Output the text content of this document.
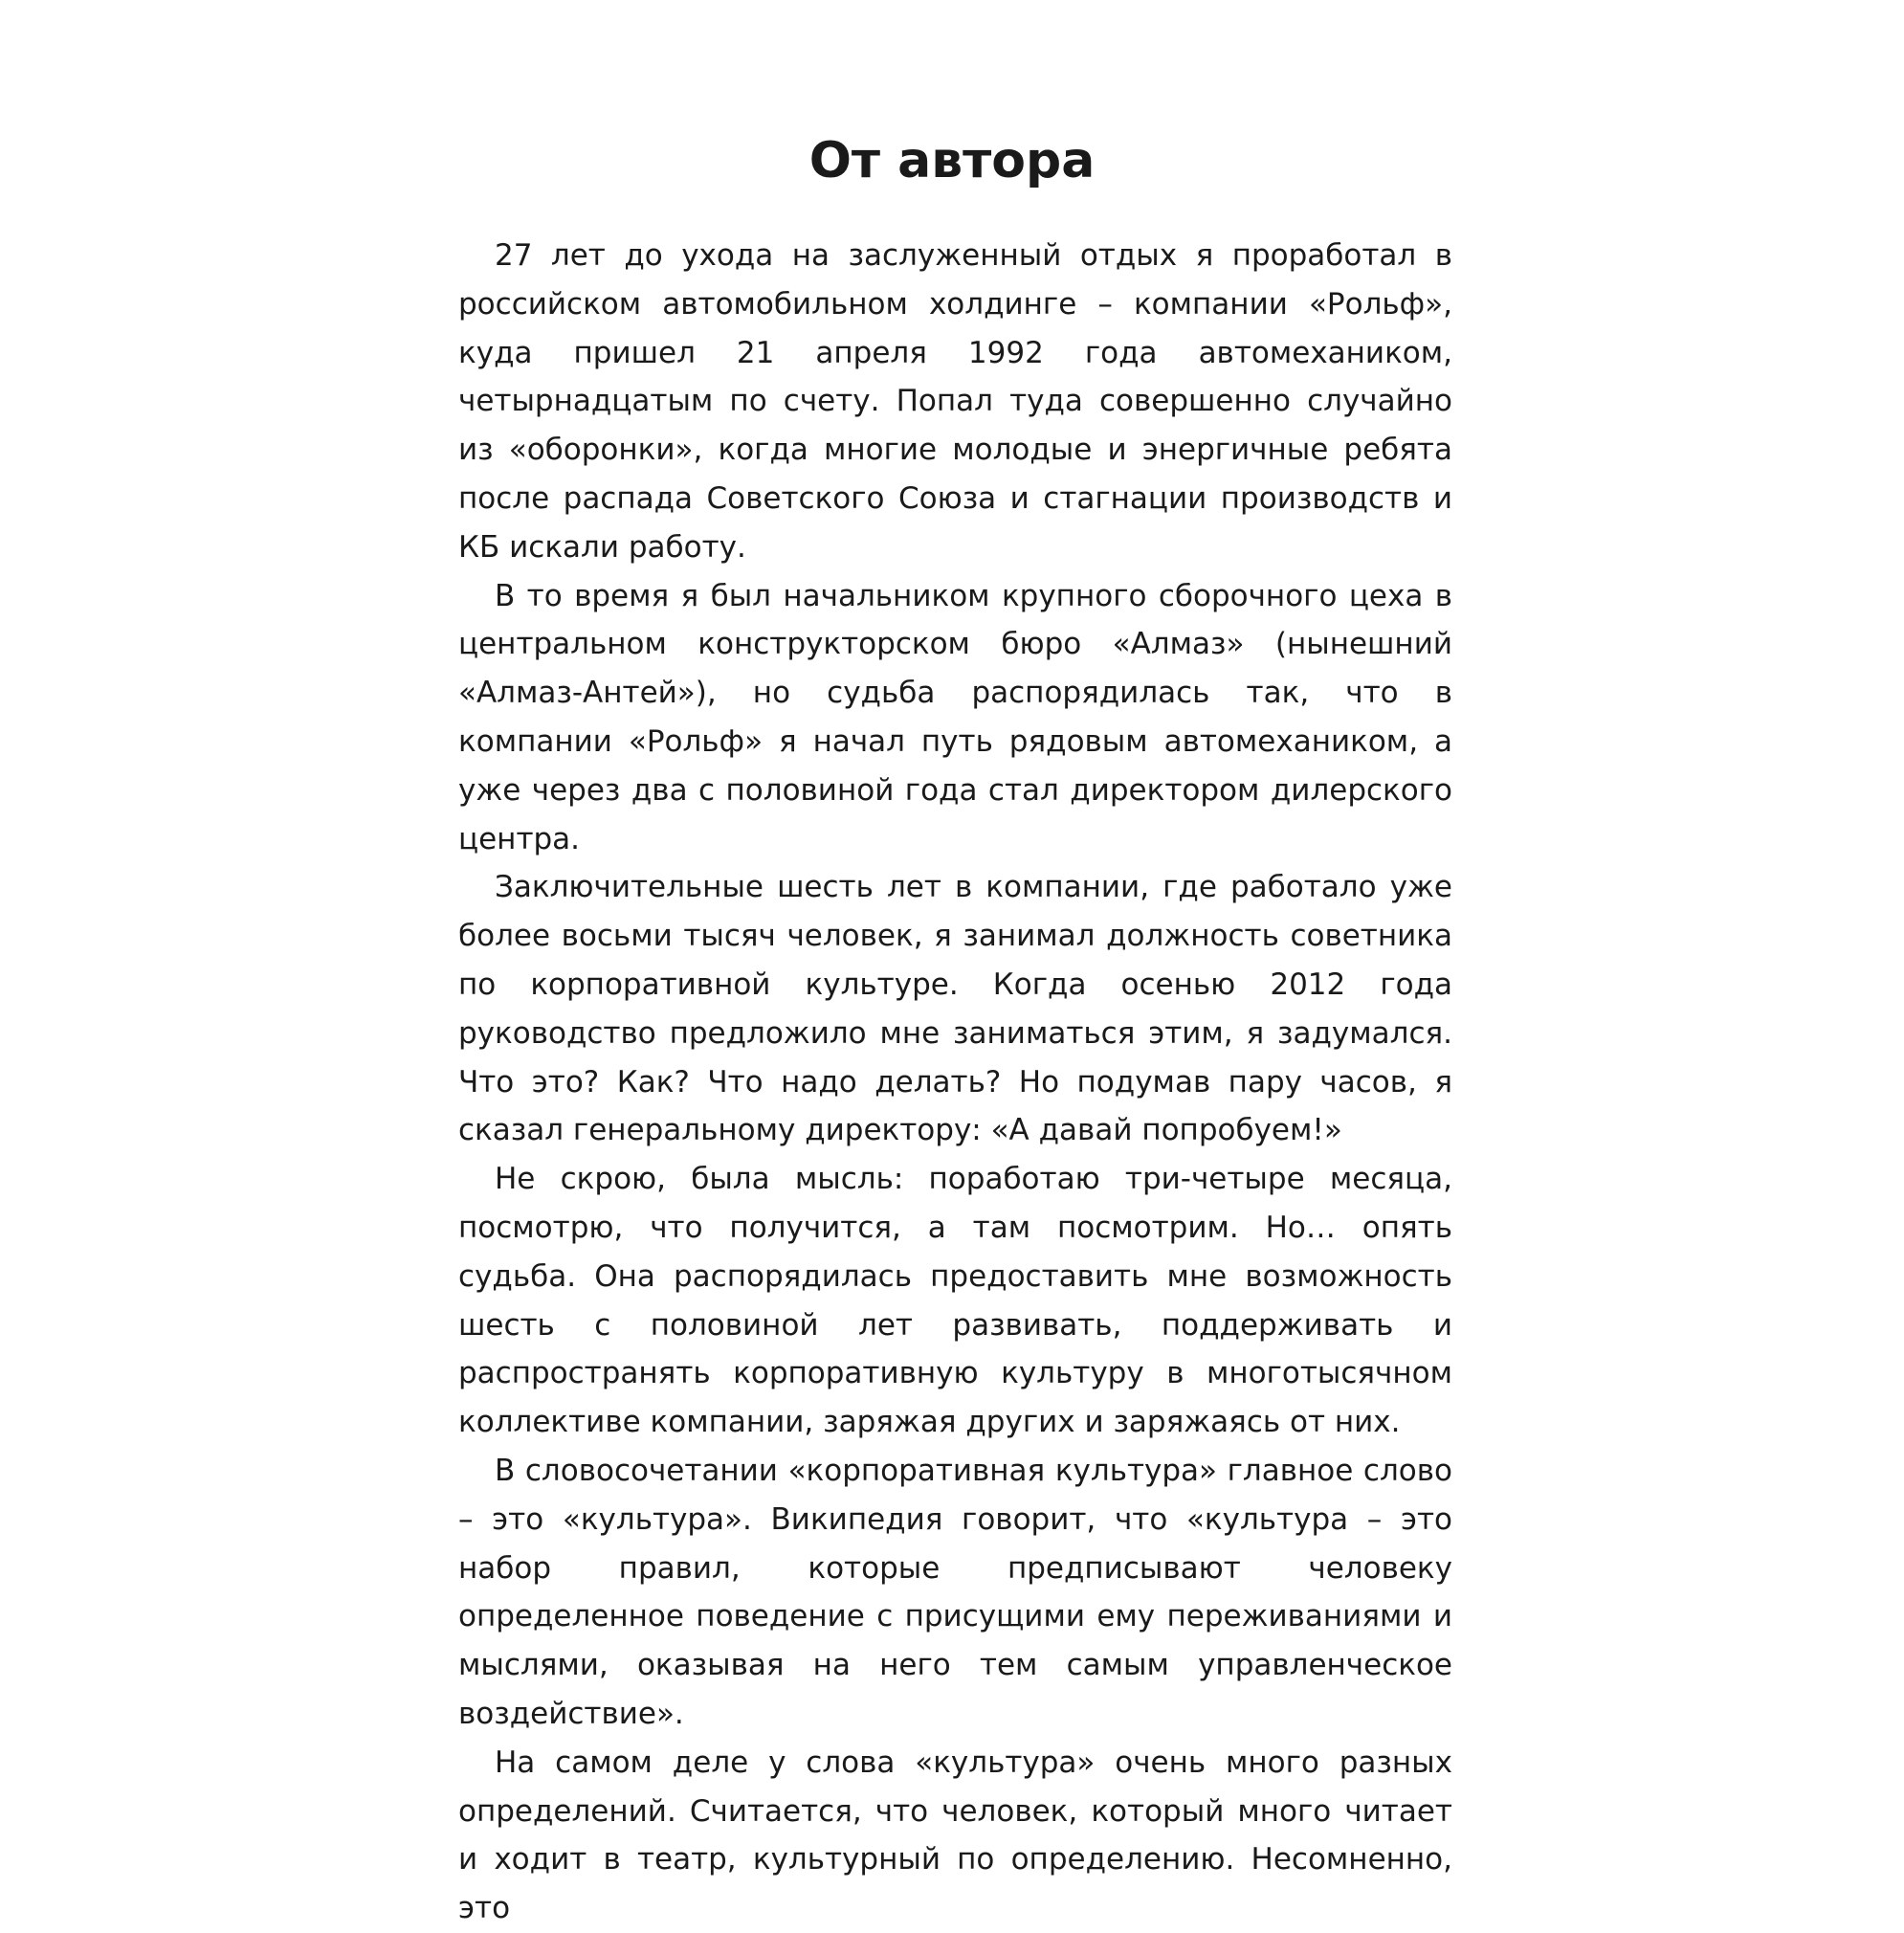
От автора

27 лет до ухода на заслуженный отдых я проработал в российском автомобильном холдинге – компании «Рольф», куда пришел 21 апреля 1992 года автомехаником, четырнадцатым по счету. Попал туда совершенно случайно из «оборонки», когда многие молодые и энергичные ребята после распада Советского Союза и стагнации производств и КБ искали работу.

В то время я был начальником крупного сборочного цеха в центральном конструкторском бюро «Алмаз» (нынешний «Алмаз-Антей»), но судьба распорядилась так, что в компании «Рольф» я начал путь рядовым автомехаником, а уже через два с половиной года стал директором дилерского центра.

Заключительные шесть лет в компании, где работало уже более восьми тысяч человек, я занимал должность советника по корпоративной культуре. Когда осенью 2012 года руководство предложило мне заниматься этим, я задумался. Что это? Как? Что надо делать? Но подумав пару часов, я сказал генеральному директору: «А давай попробуем!»

Не скрою, была мысль: поработаю три-четыре месяца, посмотрю, что получится, а там посмотрим. Но… опять судьба. Она распорядилась предоставить мне возможность шесть с половиной лет развивать, поддерживать и распространять корпоративную культуру в многотысячном коллективе компании, заряжая других и заряжаясь от них.

В словосочетании «корпоративная культура» главное слово – это «культура». Википедия говорит, что «культура – это набор правил, которые предписывают человеку определенное поведение с присущими ему переживаниями и мыслями, оказывая на него тем самым управленческое воздействие».

На самом деле у слова «культура» очень много разных определений. Считается, что человек, который много читает и ходит в театр, культурный по определению. Несомненно, это
